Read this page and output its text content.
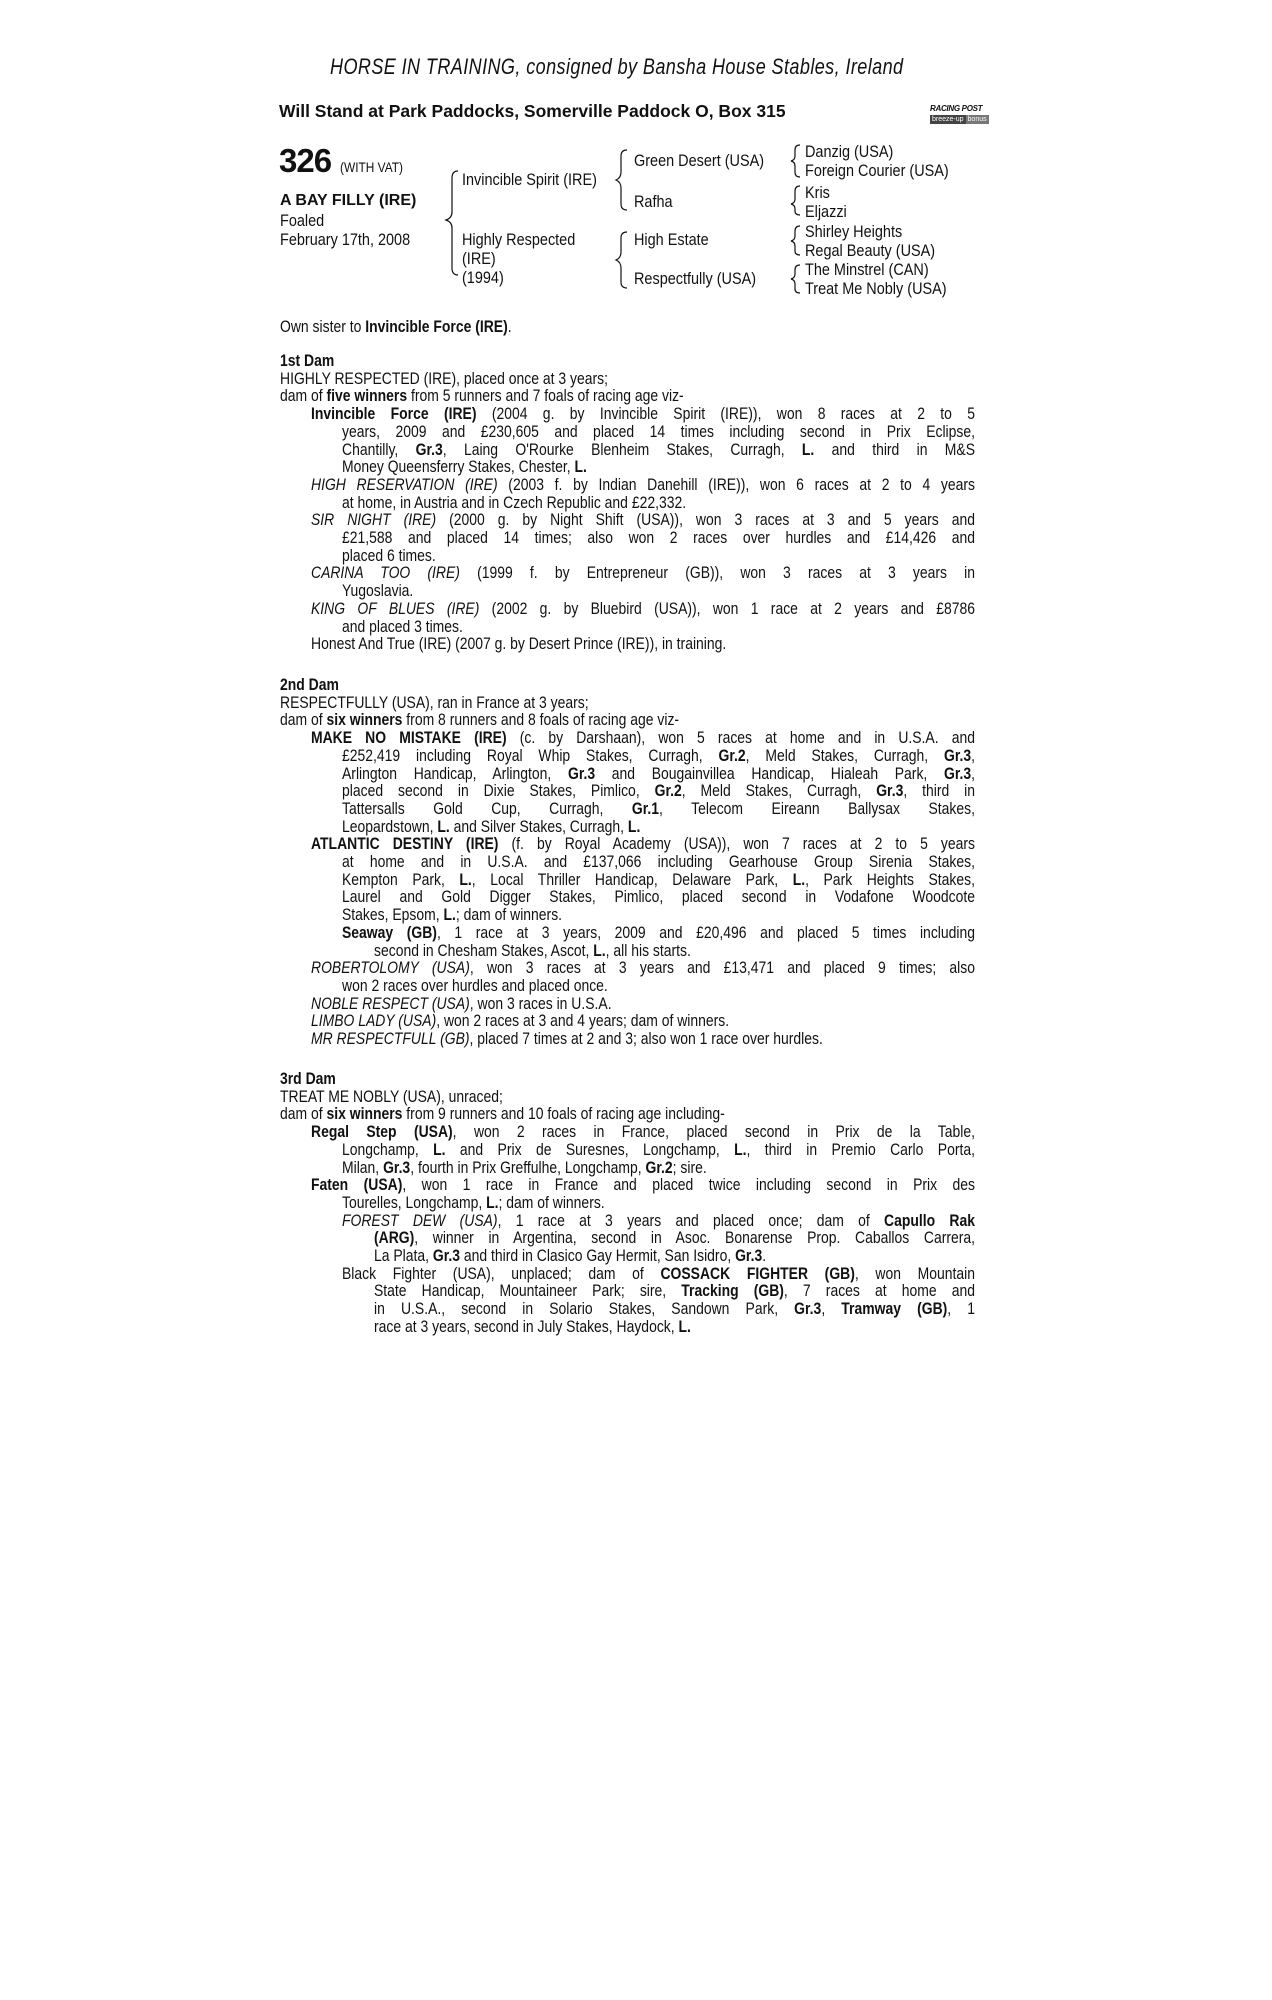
HORSE IN TRAINING, consigned by Bansha House Stables, Ireland
Will Stand at Park Paddocks, Somerville Paddock O, Box 315	RACING POST
breeze-up bonus
326 (WITH VAT)
A BAY FILLY (IRE)
Foaled
February 17th, 2008
Invincible Spirit (IRE)
Highly Respected
(IRE)
(1994)
Green Desert (USA)
Rafha
High Estate
Respectfully (USA)
Danzig (USA)
Foreign Courier (USA)
Kris
Eljazzi
Shirley Heights
Regal Beauty (USA)
The Minstrel (CAN)
Treat Me Nobly (USA)
Own sister to Invincible Force (IRE).
1st Dam
HIGHLY RESPECTED (IRE), placed once at 3 years;
dam of five winners from 5 runners and 7 foals of racing age viz-
Invincible Force (IRE) (2004 g. by Invincible Spirit (IRE)), won 8 races at 2 to 5
years, 2009 and £230,605 and placed 14 times including second in Prix Eclipse,
Chantilly, Gr.3, Laing O'Rourke Blenheim Stakes, Curragh, L. and third in M&S
Money Queensferry Stakes, Chester, L.
HIGH RESERVATION (IRE) (2003 f. by Indian Danehill (IRE)), won 6 races at 2 to 4 years
at home, in Austria and in Czech Republic and £22,332.
SIR NIGHT (IRE) (2000 g. by Night Shift (USA)), won 3 races at 3 and 5 years and
£21,588 and placed 14 times; also won 2 races over hurdles and £14,426 and
placed 6 times.
CARINA TOO (IRE) (1999 f. by Entrepreneur (GB)), won 3 races at 3 years in
Yugoslavia.
KING OF BLUES (IRE) (2002 g. by Bluebird (USA)), won 1 race at 2 years and £8786
and placed 3 times.
Honest And True (IRE) (2007 g. by Desert Prince (IRE)), in training.
2nd Dam
RESPECTFULLY (USA), ran in France at 3 years;
dam of six winners from 8 runners and 8 foals of racing age viz-
MAKE NO MISTAKE (IRE) (c. by Darshaan), won 5 races at home and in U.S.A. and
£252,419 including Royal Whip Stakes, Curragh, Gr.2, Meld Stakes, Curragh, Gr.3,
Arlington Handicap, Arlington, Gr.3 and Bougainvillea Handicap, Hialeah Park, Gr.3,
placed second in Dixie Stakes, Pimlico, Gr.2, Meld Stakes, Curragh, Gr.3, third in
Tattersalls Gold Cup, Curragh, Gr.1, Telecom Eireann Ballysax Stakes,
Leopardstown, L. and Silver Stakes, Curragh, L.
ATLANTIC DESTINY (IRE) (f. by Royal Academy (USA)), won 7 races at 2 to 5 years
at home and in U.S.A. and £137,066 including Gearhouse Group Sirenia Stakes,
Kempton Park, L., Local Thriller Handicap, Delaware Park, L., Park Heights Stakes,
Laurel and Gold Digger Stakes, Pimlico, placed second in Vodafone Woodcote
Stakes, Epsom, L.; dam of winners.
Seaway (GB), 1 race at 3 years, 2009 and £20,496 and placed 5 times including
second in Chesham Stakes, Ascot, L., all his starts.
ROBERTOLOMY (USA), won 3 races at 3 years and £13,471 and placed 9 times; also
won 2 races over hurdles and placed once.
NOBLE RESPECT (USA), won 3 races in U.S.A.
LIMBO LADY (USA), won 2 races at 3 and 4 years; dam of winners.
MR RESPECTFULL (GB), placed 7 times at 2 and 3; also won 1 race over hurdles.
3rd Dam
TREAT ME NOBLY (USA), unraced;
dam of six winners from 9 runners and 10 foals of racing age including-
Regal Step (USA), won 2 races in France, placed second in Prix de la Table,
Longchamp, L. and Prix de Suresnes, Longchamp, L., third in Premio Carlo Porta,
Milan, Gr.3, fourth in Prix Greffulhe, Longchamp, Gr.2; sire.
Faten (USA), won 1 race in France and placed twice including second in Prix des
Tourelles, Longchamp, L.; dam of winners.
FOREST DEW (USA), 1 race at 3 years and placed once; dam of Capullo Rak
(ARG), winner in Argentina, second in Asoc. Bonarense Prop. Caballos Carrera,
La Plata, Gr.3 and third in Clasico Gay Hermit, San Isidro, Gr.3.
Black Fighter (USA), unplaced; dam of COSSACK FIGHTER (GB), won Mountain
State Handicap, Mountaineer Park; sire, Tracking (GB), 7 races at home and
in U.S.A., second in Solario Stakes, Sandown Park, Gr.3, Tramway (GB), 1
race at 3 years, second in July Stakes, Haydock, L.
